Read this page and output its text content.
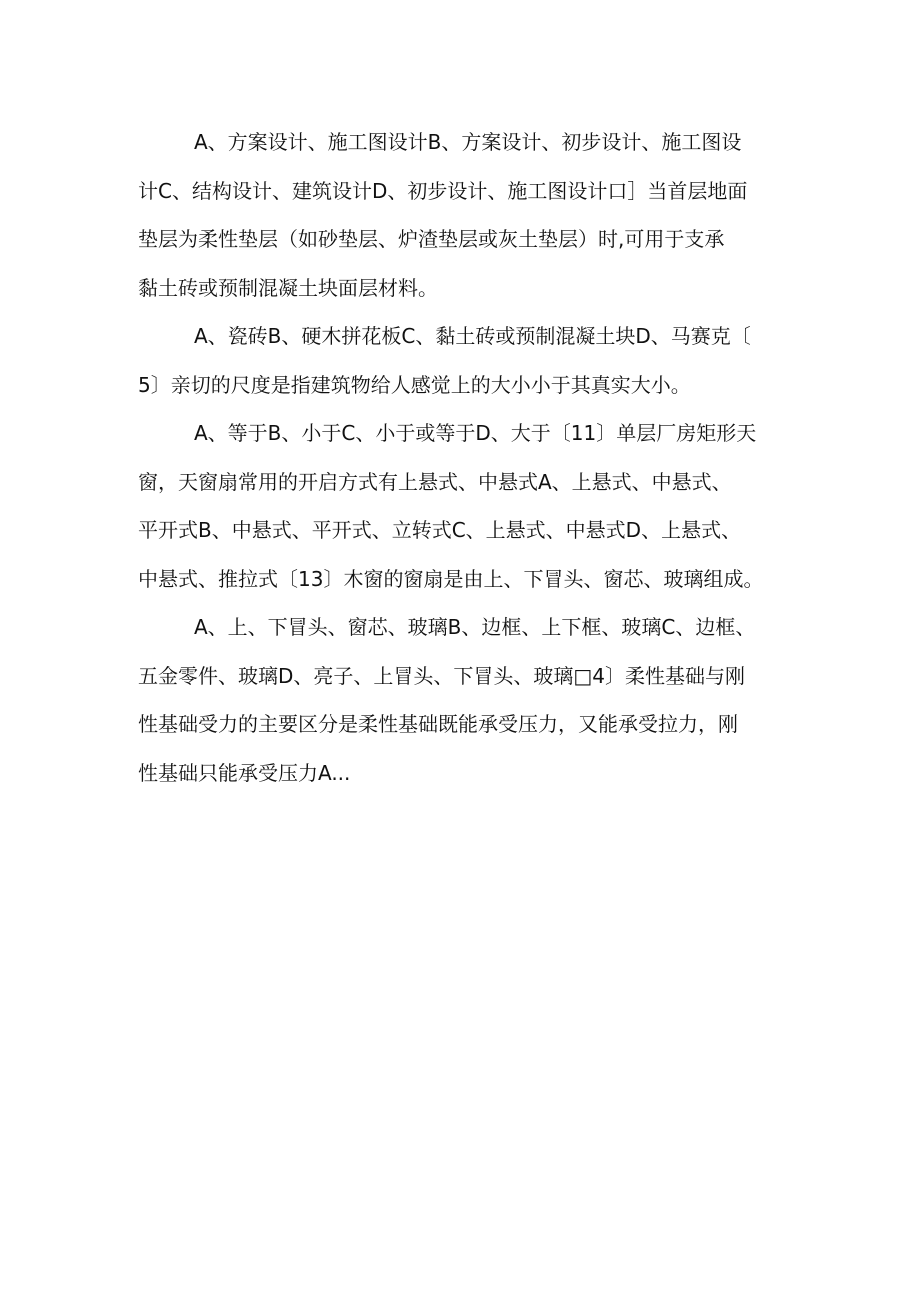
A、方案设计、施工图设计B、方案设计、初步设计、施工图设
计C、结构设计、建筑设计D、初步设计、施工图设计口］当首层地面
垫层为柔性垫层（如砂垫层、炉渣垫层或灰土垫层）时,可用于支承
黏土砖或预制混凝土块面层材料。

A、瓷砖B、硬木拼花板C、黏土砖或预制混凝土块D、马赛克〔
5〕亲切的尺度是指建筑物给人感觉上的大小小于其真实大小。

A、等于B、小于C、小于或等于D、大于〔11〕单层厂房矩形天
窗，天窗扇常用的开启方式有上悬式、中悬式A、上悬式、中悬式、
平开式B、中悬式、平开式、立转式C、上悬式、中悬式D、上悬式、
中悬式、推拉式〔13〕木窗的窗扇是由上、下冒头、窗芯、玻璃组成。

A、上、下冒头、窗芯、玻璃B、边框、上下框、玻璃C、边框、
五金零件、玻璃D、亮子、上冒头、下冒头、玻璃□4〕柔性基础与刚
性基础受力的主要区分是柔性基础既能承受压力，又能承受拉力，刚
性基础只能承受压力A...
